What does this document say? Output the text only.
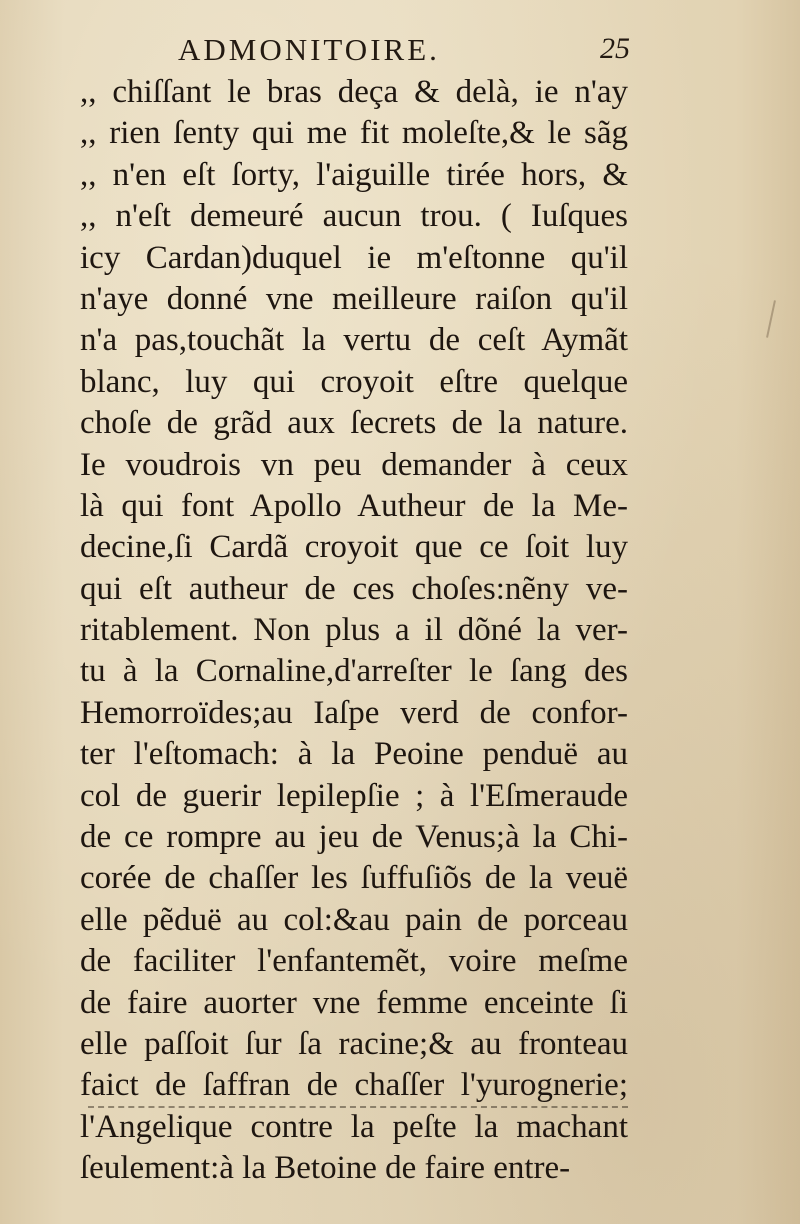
ADMONITOIRE.	25
,, chiſſant le bras deça & delà, ie n'ay
,, rien ſenty qui me fit moleſte,& le sãg
,, n'en eſt ſorty, l'aiguille tirée hors, &
,, n'eſt demeuré aucun trou. ( Iuſques
icy Cardan)duquel ie m'eſtonne qu'il
n'aye donné vne meilleure raiſon qu'il
n'a pas,touchãt la vertu de ceſt Aymãt
blanc, luy qui croyoit eſtre quelque
choſe de grãd aux ſecrets de la nature.
Ie voudrois vn peu demander à ceux
là qui font Apollo Autheur de la Me-
decine,ſi Cardã croyoit que ce ſoit luy
qui eſt autheur de ces choſes:nẽny ve-
ritablement. Non plus a il dõné la ver-
tu à la Cornaline,d'arreſter le ſang des
Hemorroïdes;au Iaſpe verd de confor-
ter l'eſtomach: à la Peoine penduë au
col de guerir lepilepſie ; à l'Eſmeraude
de ce rompre au jeu de Venus;à la Chi-
corée de chaſſer les ſuffuſiõs de la veuë
elle pẽduë au col:&au pain de porceau
de faciliter l'enfantemẽt, voire meſme
de faire auorter vne femme enceinte ſi
elle paſſoit ſur ſa racine;& au fronteau
faict de ſaffran de chaſſer l'yurognerie;
l'Angelique contre la peſte la machant
ſeulement:à la Betoine de faire entre-
